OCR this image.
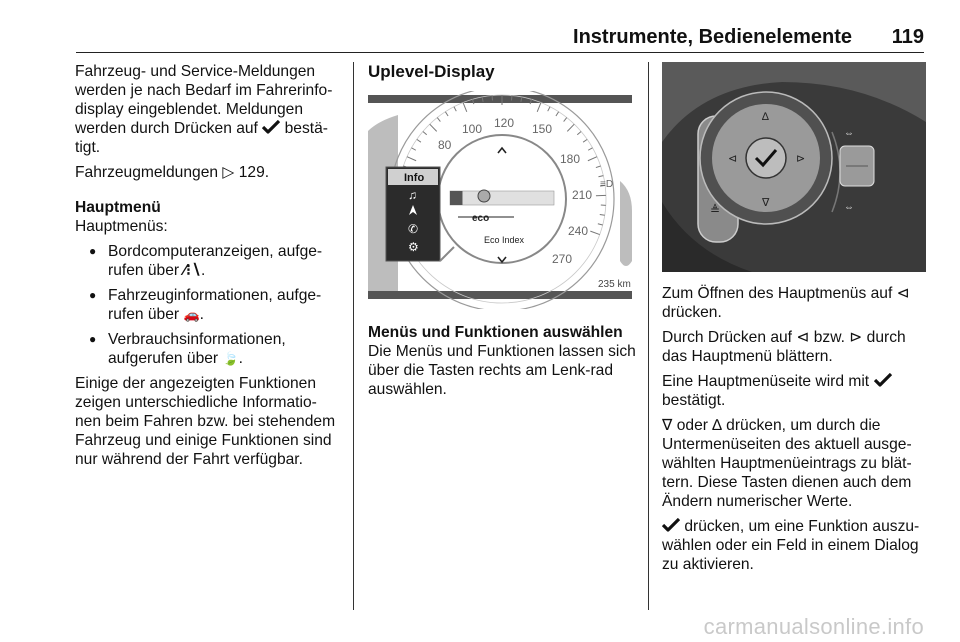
Instrumente, Bedienelemente 119

Fahrzeug- und Service-Meldungen werden je nach Bedarf im Fahrerinfo-display eingeblendet. Meldungen werden durch Drücken auf bestä-tigt.

Fahrzeugmeldungen ▷ 129.

Hauptmenü

Hauptmenüs:

● Bordcomputeranzeigen, aufge-rufen über ⁄⁝∖.
● Fahrzeuginformationen, aufge-rufen über 🚗.
● Verbrauchsinformationen, aufgerufen über 🍃.

Einige der angezeigten Funktionen zeigen unterschiedliche Informatio-nen beim Fahren bzw. bei stehendem Fahrzeug und einige Funktionen sind nur während der Fahrt verfügbar.

Uplevel-Display
80
100 120 150
180
210
240
270
eco
Eco Index
Info
♫
✆
⚙
≡D
235 km
Menüs und Funktionen auswählen

Die Menüs und Funktionen lassen sich über die Tasten rechts am Lenk-rad auswählen.

≜
∆
∇
⊲	⊳
⇔
⇔

Zum Öffnen des Hauptmenüs auf ⊲ drücken.

Durch Drücken auf ⊲ bzw. ⊳ durch das Hauptmenü blättern.

Eine Hauptmenüseite wird mit
bestätigt.

∇ oder ∆ drücken, um durch die Untermenüseiten des aktuell ausge-wählten Hauptmenüeintrags zu blät-tern. Diese Tasten dienen auch dem Ändern numerischer Werte.

drücken, um eine Funktion auszu-wählen oder ein Feld in einem Dialog zu aktivieren.

carmanualsonline.info
